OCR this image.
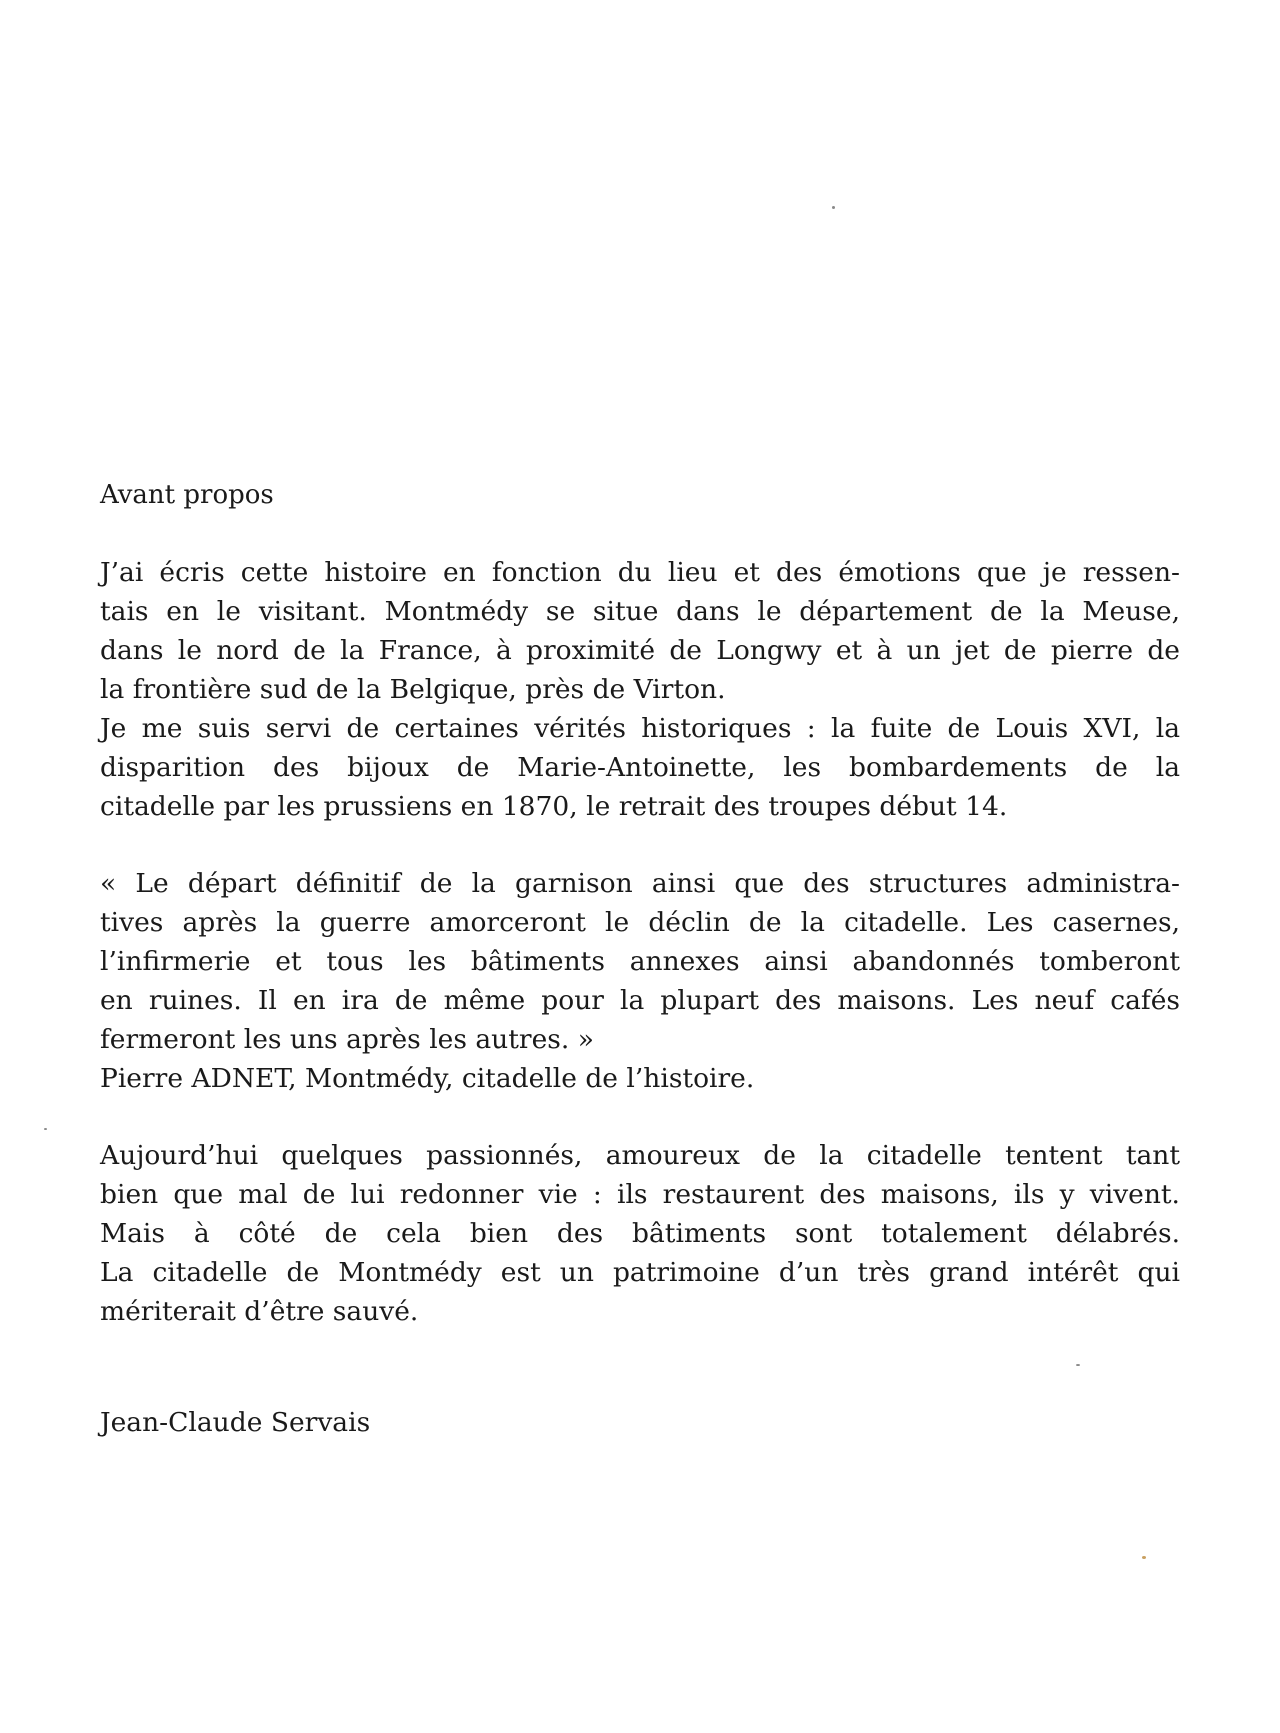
Avant propos
J’ai écris cette histoire en fonction du lieu et des émotions que je ressen-
tais en le visitant. Montmédy se situe dans le département de la Meuse,
dans le nord de la France, à proximité de Longwy et à un jet de pierre de
la frontière sud de la Belgique, près de Virton.
Je me suis servi de certaines vérités historiques : la fuite de Louis XVI, la
disparition des bijoux de Marie-Antoinette, les bombardements de la
citadelle par les prussiens en 1870, le retrait des troupes début 14.
« Le départ définitif de la garnison ainsi que des structures administra-
tives après la guerre amorceront le déclin de la citadelle. Les casernes,
l’infirmerie et tous les bâtiments annexes ainsi abandonnés tomberont
en ruines. Il en ira de même pour la plupart des maisons. Les neuf cafés
fermeront les uns après les autres. »
Pierre ADNET, Montmédy, citadelle de l’histoire.
Aujourd’hui quelques passionnés, amoureux de la citadelle tentent tant
bien que mal de lui redonner vie : ils restaurent des maisons, ils y vivent.
Mais à côté de cela bien des bâtiments sont totalement délabrés.
La citadelle de Montmédy est un patrimoine d’un très grand intérêt qui
mériterait d’être sauvé.
Jean-Claude Servais
